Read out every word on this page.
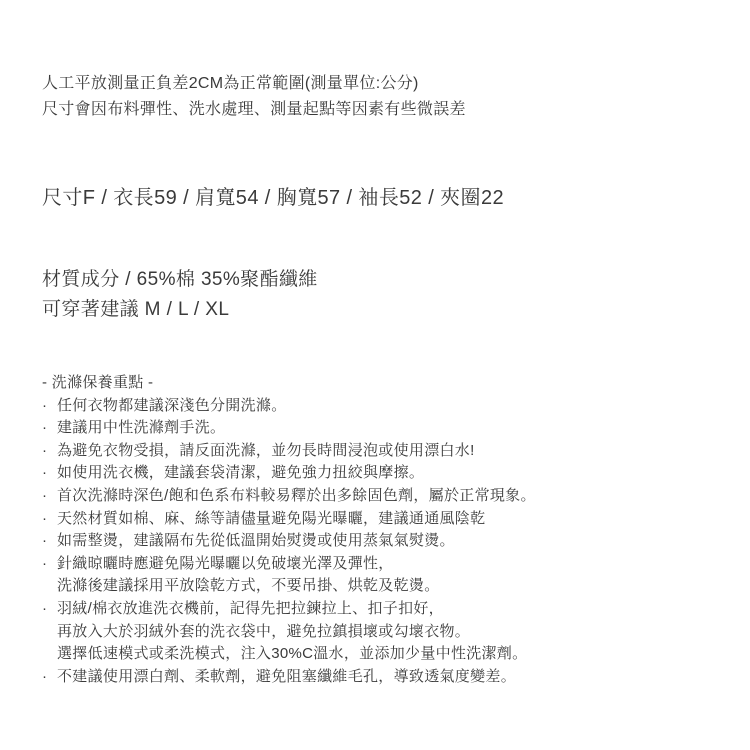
人工平放測量正負差2CM為正常範圍(測量單位:公分)
尺寸會因布料彈性、洗水處理、測量起點等因素有些微誤差
尺寸F / 衣長59 / 肩寬54 / 胸寬57 / 袖長52 / 夾圈22
材質成分 / 65%棉 35%聚酯纖維
可穿著建議 M / L / XL
- 洗滌保養重點 -
· 任何衣物都建議深淺色分開洗滌。
· 建議用中性洗滌劑手洗。
· 為避免衣物受損，請反面洗滌，並勿長時間浸泡或使用漂白水!
· 如使用洗衣機，建議套袋清潔，避免強力扭絞與摩擦。
· 首次洗滌時深色/飽和色系布料較易釋於出多餘固色劑，屬於正常現象。
· 天然材質如棉、麻、絲等請儘量避免陽光曝曬，建議通通風陰乾
· 如需整燙，建議隔布先從低溫開始熨燙或使用蒸氣氣熨燙。
· 針織晾曬時應避免陽光曝曬以免破壞光澤及彈性，
洗滌後建議採用平放陰乾方式，不要吊掛、烘乾及乾燙。
· 羽絨/棉衣放進洗衣機前，記得先把拉鍊拉上、扣子扣好，
再放入大於羽絨外套的洗衣袋中，避免拉鎮損壞或勾壞衣物。
選擇低速模式或柔洗模式，注入30%C溫水，並添加少量中性洗潔劑。
· 不建議使用漂白劑、柔軟劑，避免阻塞纖維毛孔，導致透氣度變差。
